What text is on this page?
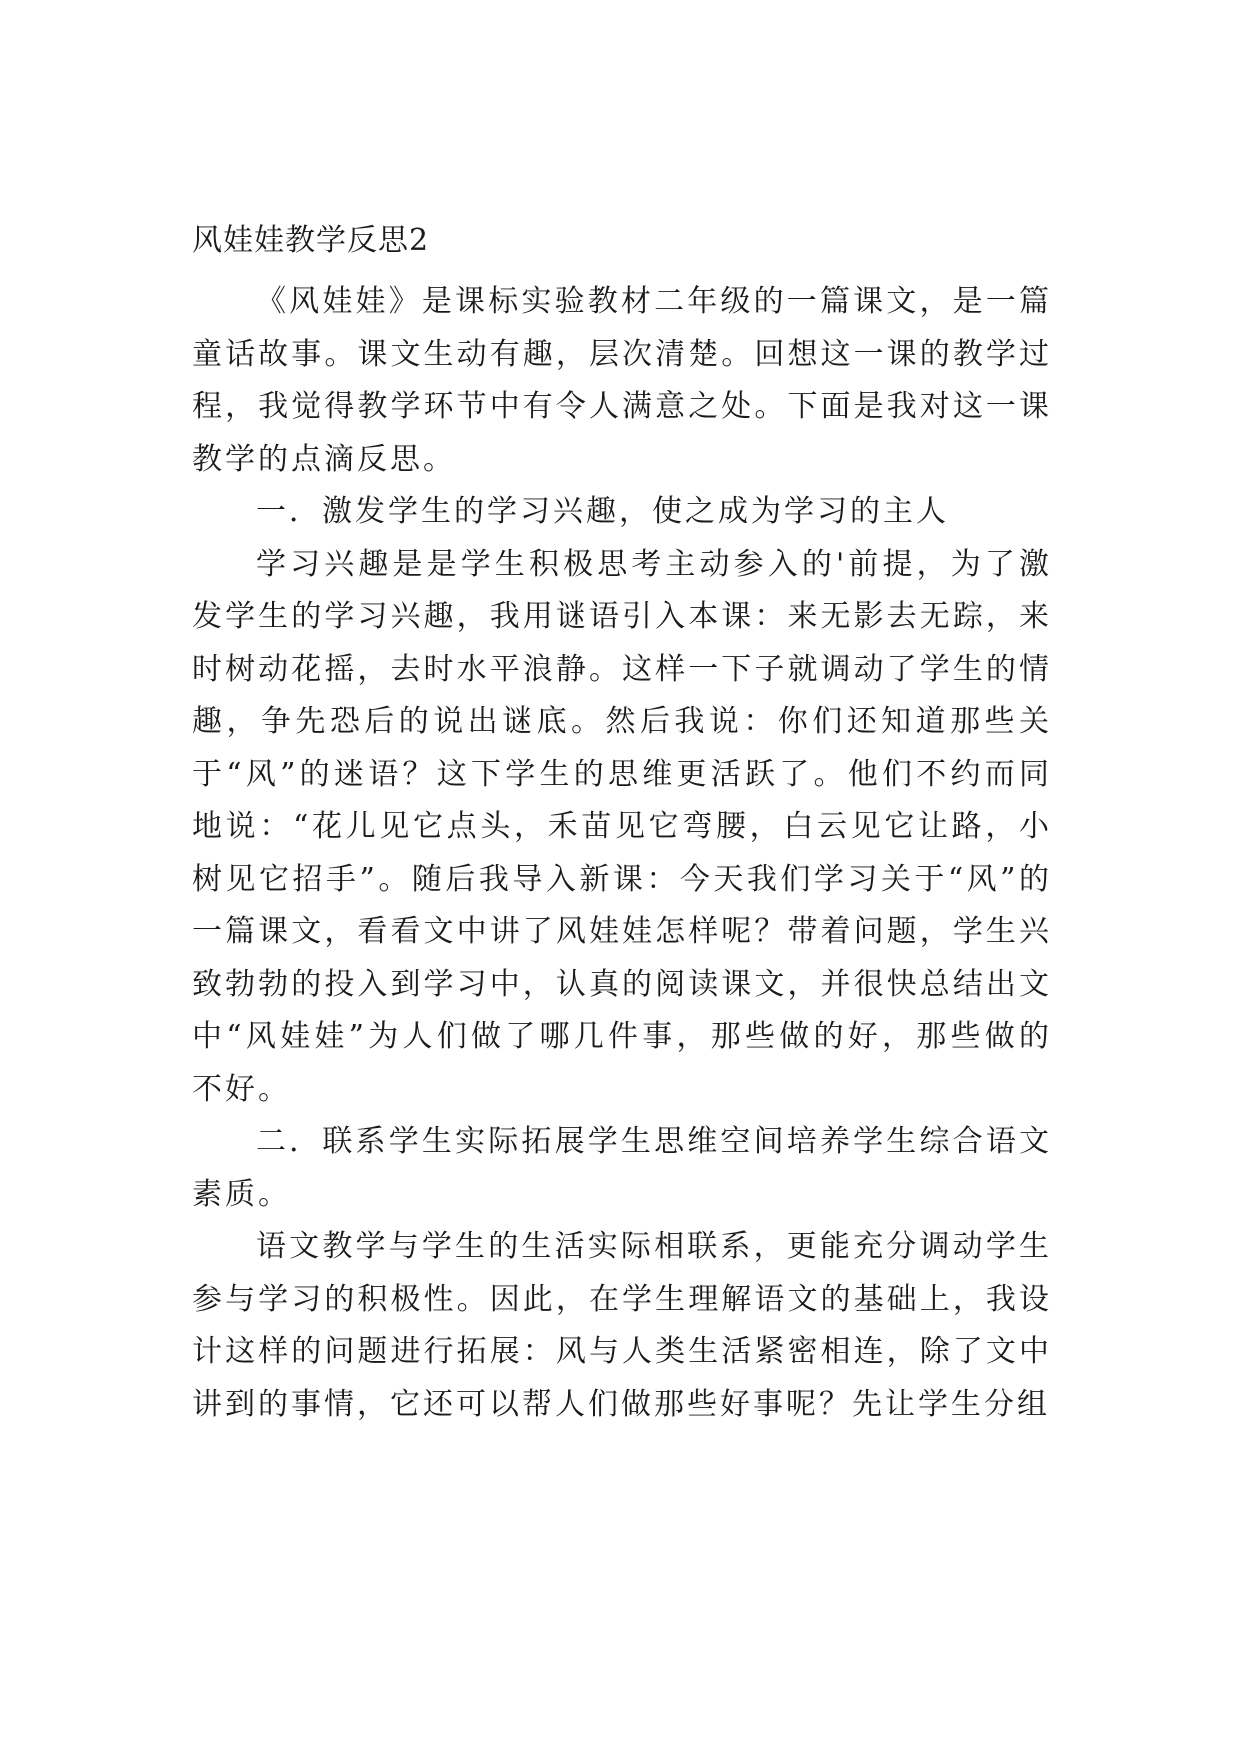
风娃娃教学反思2

《风娃娃》是课标实验教材二年级的一篇课文，是一篇童话故事。课文生动有趣，层次清楚。回想这一课的教学过程，我觉得教学环节中有令人满意之处。下面是我对这一课教学的点滴反思。

一．激发学生的学习兴趣，使之成为学习的主人

学习兴趣是是学生积极思考主动参入的'前提，为了激发学生的学习兴趣，我用谜语引入本课：来无影去无踪，来时树动花摇，去时水平浪静。这样一下子就调动了学生的情趣，争先恐后的说出谜底。然后我说：你们还知道那些关于“风”的迷语？这下学生的思维更活跃了。他们不约而同地说：“花儿见它点头，禾苗见它弯腰，白云见它让路，小树见它招手”。随后我导入新课：今天我们学习关于“风”的一篇课文，看看文中讲了风娃娃怎样呢？带着问题，学生兴致勃勃的投入到学习中，认真的阅读课文，并很快总结出文中“风娃娃”为人们做了哪几件事，那些做的好，那些做的不好。

二．联系学生实际拓展学生思维空间培养学生综合语文素质。

语文教学与学生的生活实际相联系，更能充分调动学生参与学习的积极性。因此，在学生理解语文的基础上，我设计这样的问题进行拓展：风与人类生活紧密相连，除了文中讲到的事情，它还可以帮人们做那些好事呢？先让学生分组
